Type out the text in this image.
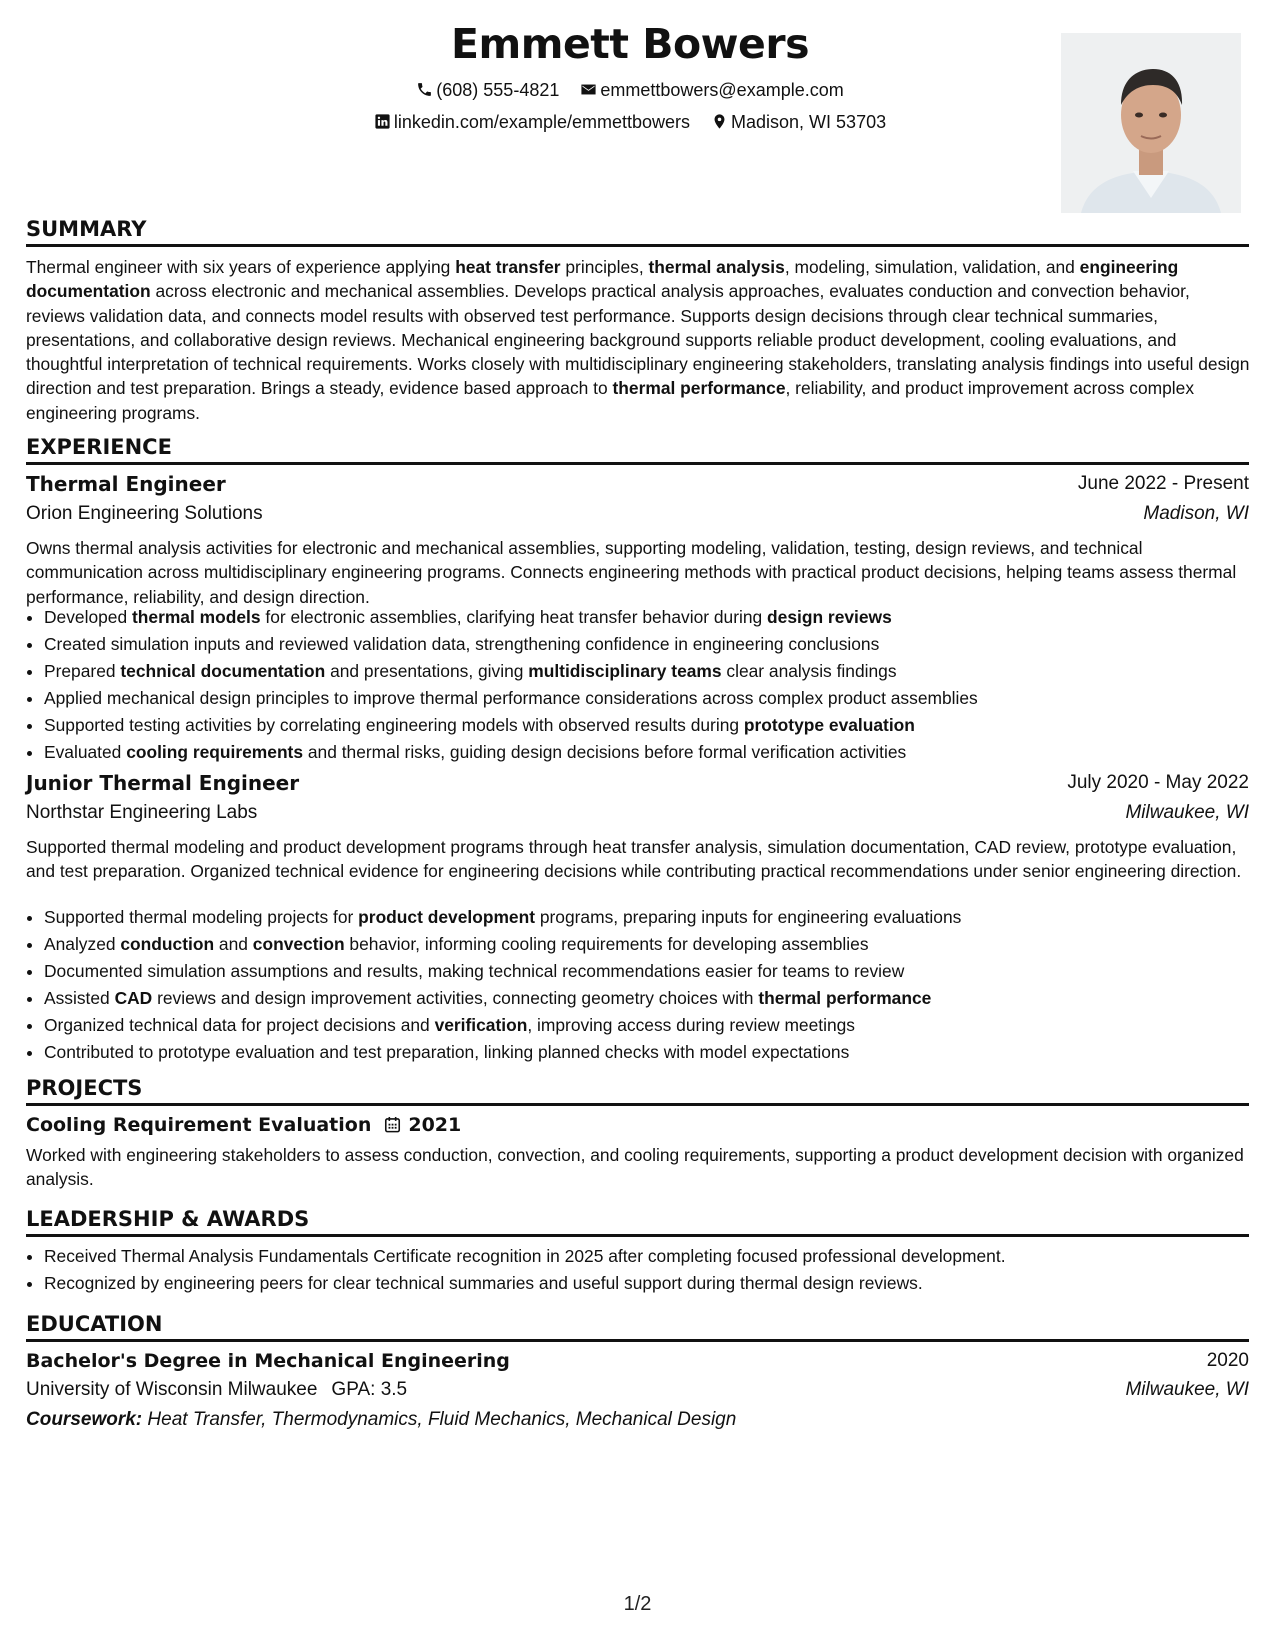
Emmett Bowers
(608) 555-4821 emmettbowers@example.com
linkedin.com/example/emmettbowers Madison, WI 53703
SUMMARY
Thermal engineer with six years of experience applying heat transfer principles, thermal analysis, modeling, simulation, validation, and engineering documentation across electronic and mechanical assemblies. Develops practical analysis approaches, evaluates conduction and convection behavior, reviews validation data, and connects model results with observed test performance. Supports design decisions through clear technical summaries, presentations, and collaborative design reviews. Mechanical engineering background supports reliable product development, cooling evaluations, and thoughtful interpretation of technical requirements. Works closely with multidisciplinary engineering stakeholders, translating analysis findings into useful design direction and test preparation. Brings a steady, evidence based approach to thermal performance, reliability, and product improvement across complex engineering programs.
EXPERIENCE
Thermal Engineer	June 2022 - Present
Orion Engineering Solutions	Madison, WI
Owns thermal analysis activities for electronic and mechanical assemblies, supporting modeling, validation, testing, design reviews, and technical communication across multidisciplinary engineering programs. Connects engineering methods with practical product decisions, helping teams assess thermal performance, reliability, and design direction.
• Developed thermal models for electronic assemblies, clarifying heat transfer behavior during design reviews
• Created simulation inputs and reviewed validation data, strengthening confidence in engineering conclusions
• Prepared technical documentation and presentations, giving multidisciplinary teams clear analysis findings
• Applied mechanical design principles to improve thermal performance considerations across complex product assemblies
• Supported testing activities by correlating engineering models with observed results during prototype evaluation
• Evaluated cooling requirements and thermal risks, guiding design decisions before formal verification activities
Junior Thermal Engineer	July 2020 - May 2022
Northstar Engineering Labs	Milwaukee, WI
Supported thermal modeling and product development programs through heat transfer analysis, simulation documentation, CAD review, prototype evaluation, and test preparation. Organized technical evidence for engineering decisions while contributing practical recommendations under senior engineering direction.
• Supported thermal modeling projects for product development programs, preparing inputs for engineering evaluations
• Analyzed conduction and convection behavior, informing cooling requirements for developing assemblies
• Documented simulation assumptions and results, making technical recommendations easier for teams to review
• Assisted CAD reviews and design improvement activities, connecting geometry choices with thermal performance
• Organized technical data for project decisions and verification, improving access during review meetings
• Contributed to prototype evaluation and test preparation, linking planned checks with model expectations
PROJECTS
Cooling Requirement Evaluation 2021
Worked with engineering stakeholders to assess conduction, convection, and cooling requirements, supporting a product development decision with organized analysis.
LEADERSHIP & AWARDS
• Received Thermal Analysis Fundamentals Certificate recognition in 2025 after completing focused professional development.
• Recognized by engineering peers for clear technical summaries and useful support during thermal design reviews.
EDUCATION
Bachelor's Degree in Mechanical Engineering	2020
University of Wisconsin Milwaukee GPA: 3.5	Milwaukee, WI
Coursework: Heat Transfer, Thermodynamics, Fluid Mechanics, Mechanical Design
1/2
